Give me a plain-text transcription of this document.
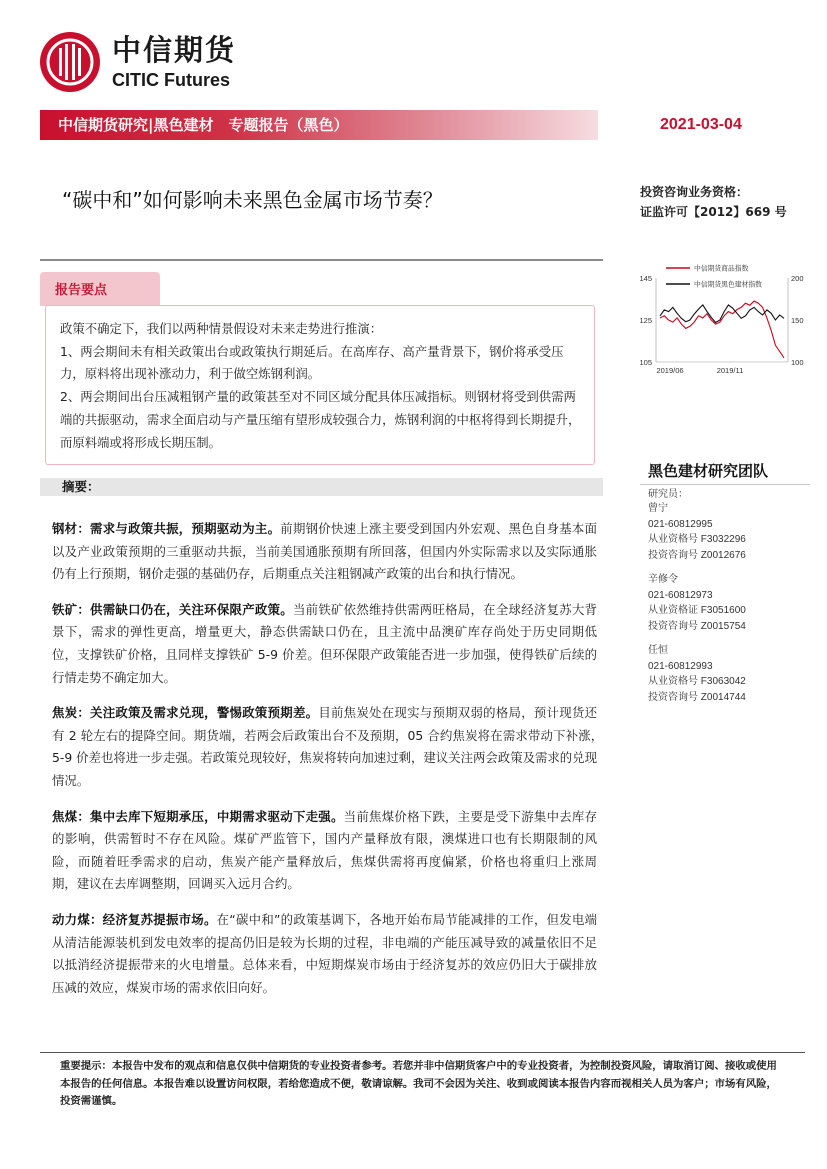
中信期货
CITIC Futures
中信期货研究|黑色建材　专题报告（黑色）	2021-03-04
“碳中和”如何影响未来黑色金属市场节奏？	投资咨询业务资格：
证监许可【2012】669 号
报告要点

政策不确定下，我们以两种情景假设对未来走势进行推演：

1、两会期间未有相关政策出台或政策执行期延后。在高库存、高产量背景下，钢价将承受压力，原料将出现补涨动力，利于做空炼钢利润。

2、两会期间出台压减粗钢产量的政策甚至对不同区域分配具体压减指标。则钢材将受到供需两端的共振驱动，需求全面启动与产量压缩有望形成较强合力，炼钢利润的中枢将得到长期提升，而原料端或将形成长期压制。

摘要：

钢材：需求与政策共振，预期驱动为主。前期钢价快速上涨主要受到国内外宏观、黑色自身基本面以及产业政策预期的三重驱动共振，当前美国通胀预期有所回落，但国内外实际需求以及实际通胀仍有上行预期，钢价走强的基础仍存，后期重点关注粗钢减产政策的出台和执行情况。

铁矿：供需缺口仍在，关注环保限产政策。当前铁矿依然维持供需两旺格局，在全球经济复苏大背景下，需求的弹性更高，增量更大，静态供需缺口仍在，且主流中品澳矿库存尚处于历史同期低位，支撑铁矿价格，且同样支撑铁矿 5-9 价差。但环保限产政策能否进一步加强，使得铁矿后续的行情走势不确定加大。

焦炭：关注政策及需求兑现，警惕政策预期差。目前焦炭处在现实与预期双弱的格局，预计现货还有 2 轮左右的提降空间。期货端，若两会后政策出台不及预期，05 合约焦炭将在需求带动下补涨，　5-9 价差也将进一步走强。若政策兑现较好，焦炭将转向加速过剩，建议关注两会政策及需求的兑现情况。

焦煤：集中去库下短期承压，中期需求驱动下走强。当前焦煤价格下跌，主要是受下游集中去库存的影响，供需暂时不存在风险。煤矿严监管下，国内产量释放有限，澳煤进口也有长期限制的风险，而随着旺季需求的启动，焦炭产能产量释放后，焦煤供需将再度偏紧，价格也将重归上涨周期，建议在去库调整期，回调买入远月合约。

动力煤：经济复苏提振市场。在“碳中和”的政策基调下，各地开始布局节能减排的工作，但发电端从清洁能源装机到发电效率的提高仍旧是较为长期的过程，非电端的产能压减导致的减量依旧不足以抵消经济提振带来的火电增量。总体来看，中短期煤炭市场由于经济复苏的效应仍旧大于碳排放压减的效应，煤炭市场的需求依旧向好。

105
125
145
100
150
200
2019/06	2019/11
中信期货商品指数
中信期货黑色建材指数
黑色建材研究团队
研究员：
曾宁
021-60812995
从业资格号 F3032296
投资咨询号 Z0012676
辛修令
021-60812973
从业资格证 F3051600
投资咨询号 Z0015754
任恒
021-60812993
从业资格号 F3063042
投资咨询号 Z0014744
重要提示：本报告中发布的观点和信息仅供中信期货的专业投资者参考。若您并非中信期货客户中的专业投资者，为控制投资风险，请取消订阅、接收或使用本报告的任何信息。本报告难以设置访问权限，若给您造成不便，敬请谅解。我司不会因为关注、收到或阅读本报告内容而视相关人员为客户；市场有风险，投资需谨慎。
